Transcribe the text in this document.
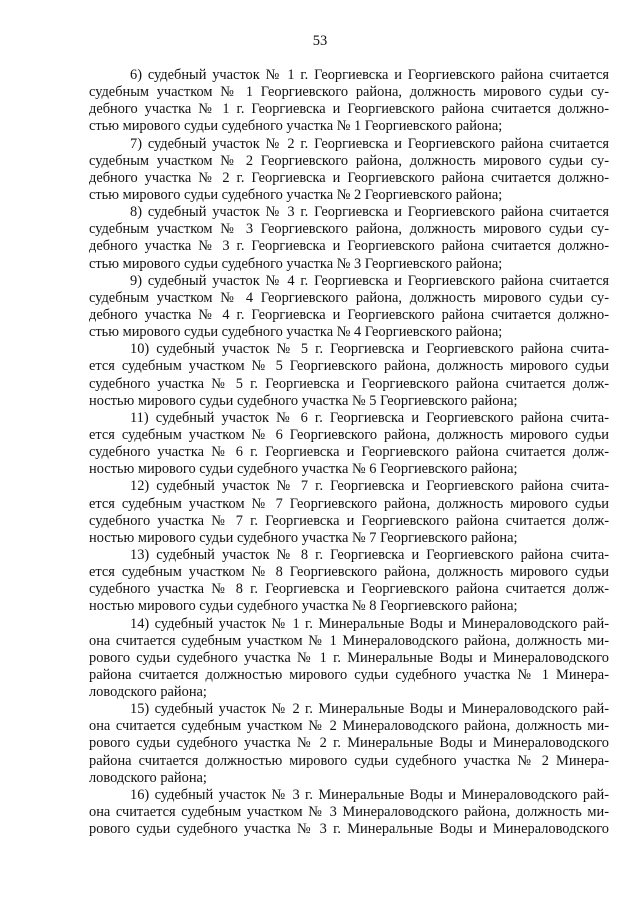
53
6) судебный участок № 1 г. Георгиевска и Георгиевского района считается
судебным участком № 1 Георгиевского района, должность мирового судьи су-
дебного участка № 1 г. Георгиевска и Георгиевского района считается должно-
стью мирового судьи судебного участка № 1 Георгиевского района;
7) судебный участок № 2 г. Георгиевска и Георгиевского района считается
судебным участком № 2 Георгиевского района, должность мирового судьи су-
дебного участка № 2 г. Георгиевска и Георгиевского района считается должно-
стью мирового судьи судебного участка № 2 Георгиевского района;
8) судебный участок № 3 г. Георгиевска и Георгиевского района считается
судебным участком № 3 Георгиевского района, должность мирового судьи су-
дебного участка № 3 г. Георгиевска и Георгиевского района считается должно-
стью мирового судьи судебного участка № 3 Георгиевского района;
9) судебный участок № 4 г. Георгиевска и Георгиевского района считается
судебным участком № 4 Георгиевского района, должность мирового судьи су-
дебного участка № 4 г. Георгиевска и Георгиевского района считается должно-
стью мирового судьи судебного участка № 4 Георгиевского района;
10) судебный участок № 5 г. Георгиевска и Георгиевского района счита-
ется судебным участком № 5 Георгиевского района, должность мирового судьи
судебного участка № 5 г. Георгиевска и Георгиевского района считается долж-
ностью мирового судьи судебного участка № 5 Георгиевского района;
11) судебный участок № 6 г. Георгиевска и Георгиевского района счита-
ется судебным участком № 6 Георгиевского района, должность мирового судьи
судебного участка № 6 г. Георгиевска и Георгиевского района считается долж-
ностью мирового судьи судебного участка № 6 Георгиевского района;
12) судебный участок № 7 г. Георгиевска и Георгиевского района счита-
ется судебным участком № 7 Георгиевского района, должность мирового судьи
судебного участка № 7 г. Георгиевска и Георгиевского района считается долж-
ностью мирового судьи судебного участка № 7 Георгиевского района;
13) судебный участок № 8 г. Георгиевска и Георгиевского района счита-
ется судебным участком № 8 Георгиевского района, должность мирового судьи
судебного участка № 8 г. Георгиевска и Георгиевского района считается долж-
ностью мирового судьи судебного участка № 8 Георгиевского района;
14) судебный участок № 1 г. Минеральные Воды и Минераловодского рай-
она считается судебным участком № 1 Минераловодского района, должность ми-
рового судьи судебного участка № 1 г. Минеральные Воды и Минераловодского
района считается должностью мирового судьи судебного участка № 1 Минера-
ловодского района;
15) судебный участок № 2 г. Минеральные Воды и Минераловодского рай-
она считается судебным участком № 2 Минераловодского района, должность ми-
рового судьи судебного участка № 2 г. Минеральные Воды и Минераловодского
района считается должностью мирового судьи судебного участка № 2 Минера-
ловодского района;
16) судебный участок № 3 г. Минеральные Воды и Минераловодского рай-
она считается судебным участком № 3 Минераловодского района, должность ми-
рового судьи судебного участка № 3 г. Минеральные Воды и Минераловодского
